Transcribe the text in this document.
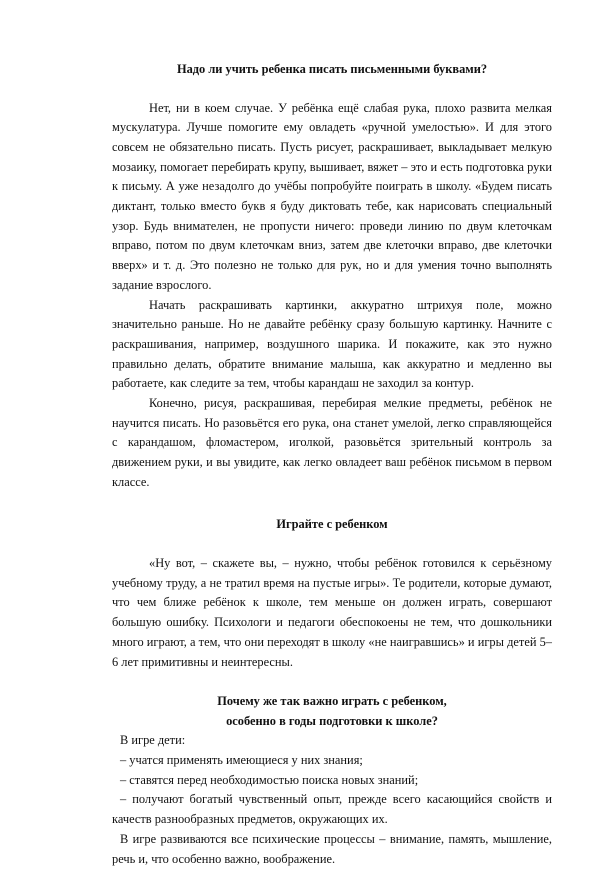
Надо ли учить ребенка писать письменными буквами?

Нет, ни в коем случае. У ребёнка ещё слабая рука, плохо развита мелкая мускулатура. Лучше помогите ему овладеть «ручной умелостью». И для этого совсем не обязательно писать. Пусть рисует, раскрашивает, выкладывает мелкую мозаику, помогает перебирать крупу, вышивает, вяжет – это и есть подготовка руки к письму. А уже незадолго до учёбы попробуйте поиграть в школу. «Будем писать диктант, только вместо букв я буду диктовать тебе, как нарисовать специальный узор. Будь внимателен, не пропусти ничего: проведи линию по двум клеточкам вправо, потом по двум клеточкам вниз, затем две клеточки вправо, две клеточки вверх» и т. д. Это полезно не только для рук, но и для умения точно выполнять задание взрослого.

Начать раскрашивать картинки, аккуратно штрихуя поле, можно значительно раньше. Но не давайте ребёнку сразу большую картинку. Начните с раскрашивания, например, воздушного шарика. И покажите, как это нужно правильно делать, обратите внимание малыша, как аккуратно и медленно вы работаете, как следите за тем, чтобы карандаш не заходил за контур.

Конечно, рисуя, раскрашивая, перебирая мелкие предметы, ребёнок не научится писать. Но разовьётся его рука, она станет умелой, легко справляющейся с карандашом, фломастером, иголкой, разовьётся зрительный контроль за движением руки, и вы увидите, как легко овладеет ваш ребёнок письмом в первом классе.

Играйте с ребенком

«Ну вот, – скажете вы, – нужно, чтобы ребёнок готовился к серьёзному учебному труду, а не тратил время на пустые игры». Те родители, которые думают, что чем ближе ребёнок к школе, тем меньше он должен играть, совершают большую ошибку. Психологи и педагоги обеспокоены не тем, что дошкольники много играют, а тем, что они переходят в школу «не наигравшись» и игры детей 5–6 лет примитивны и неинтересны.

Почему же так важно играть с ребенком,

особенно в годы подготовки к школе?

В игре дети:

– учатся применять имеющиеся у них знания;

– ставятся перед необходимостью поиска новых знаний;

– получают богатый чувственный опыт, прежде всего касающийся свойств и качеств разнообразных предметов, окружающих их.

В игре развиваются все психические процессы – внимание, память, мышление, речь и, что особенно важно, воображение.
